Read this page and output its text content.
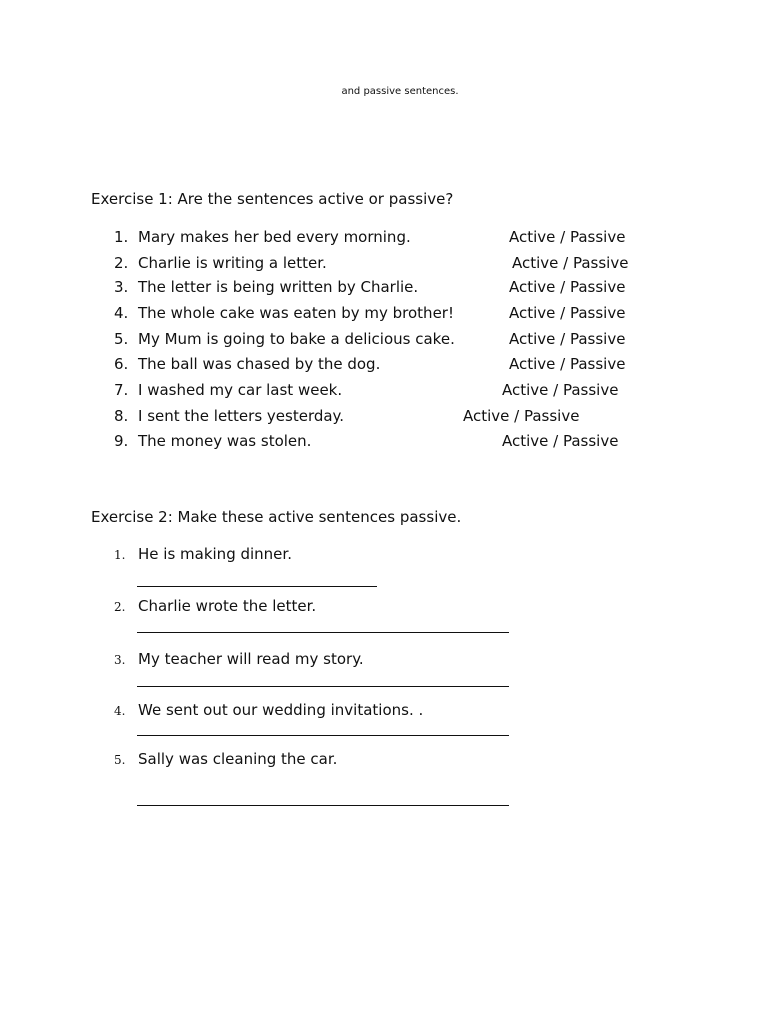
and passive sentences.
Exercise 1: Are the sentences active or passive?
1. Mary makes her bed every morning.	Active / Passive
2. Charlie is writing a letter.	Active / Passive
3. The letter is being written by Charlie.	Active / Passive
4. The whole cake was eaten by my brother!	Active / Passive
5. My Mum is going to bake a delicious cake.	Active / Passive
6. The ball was chased by the dog.	Active / Passive
7. I washed my car last week.	Active / Passive
8. I sent the letters yesterday.	Active / Passive
9. The money was stolen.	Active / Passive
Exercise 2: Make these active sentences passive.
1. He is making dinner.
2. Charlie wrote the letter.
3. My teacher will read my story.
4. We sent out our wedding invitations. .
5. Sally was cleaning the car.
